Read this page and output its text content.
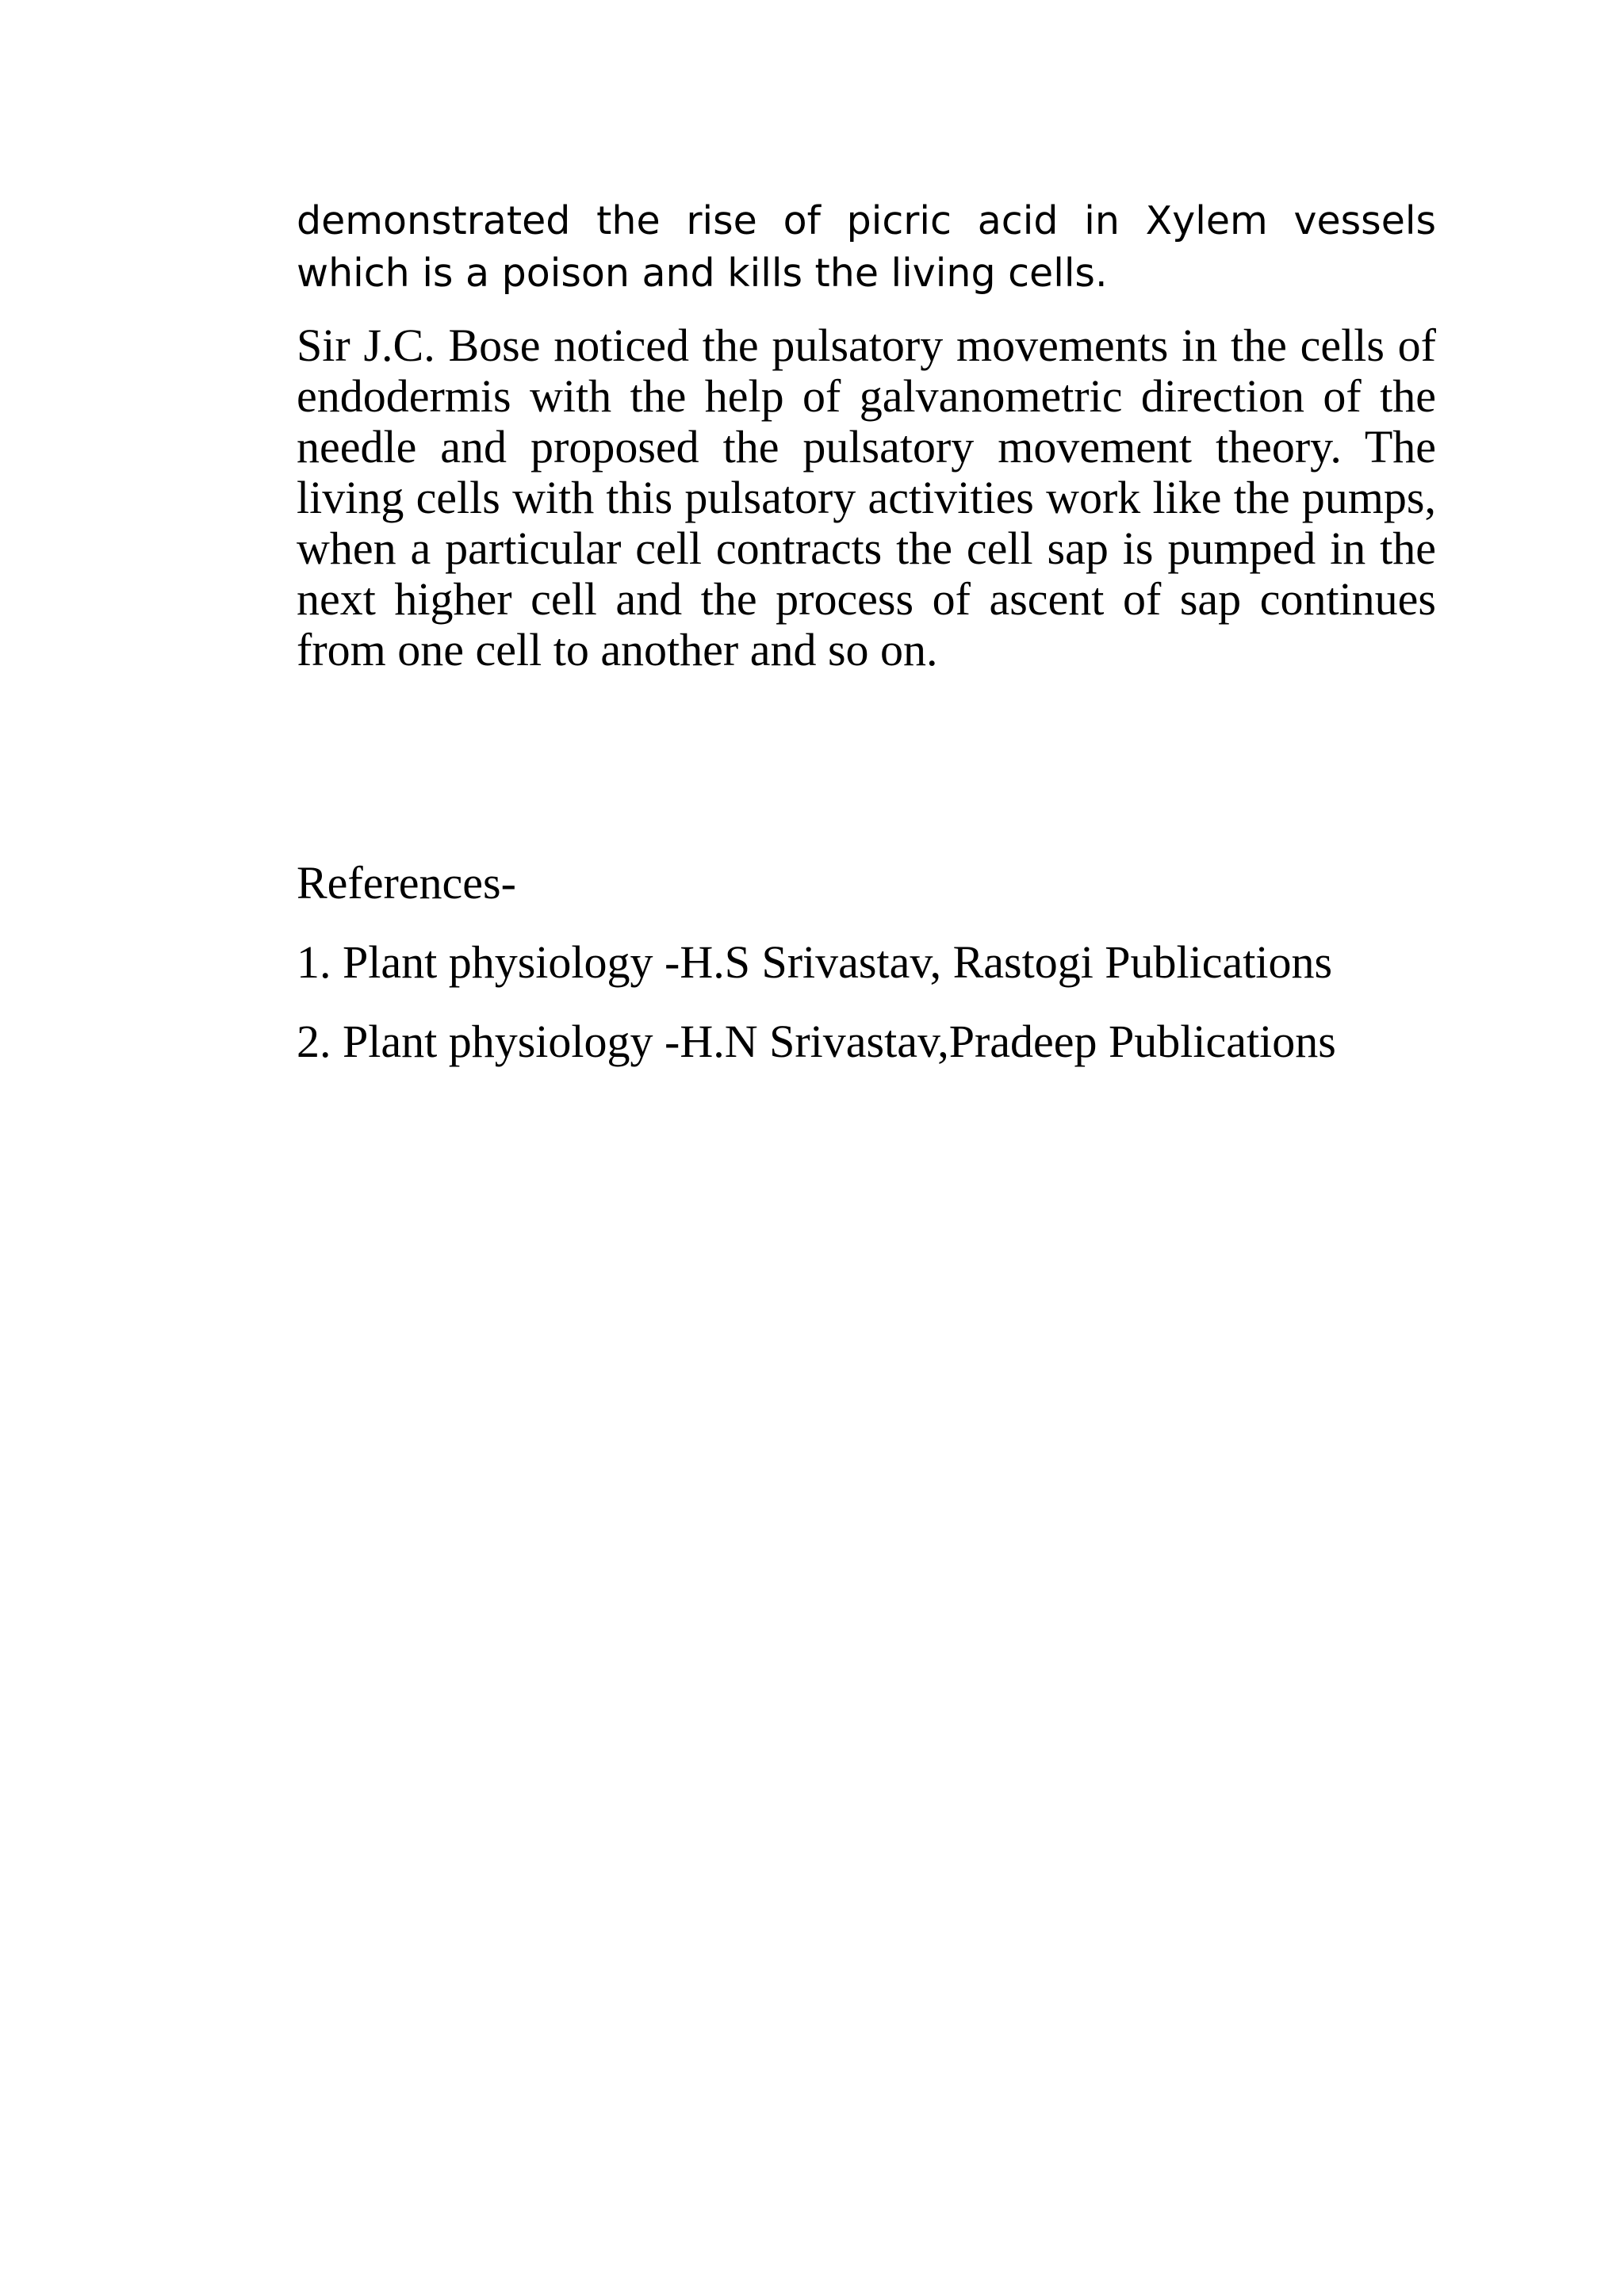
demonstrated the rise of picric acid in Xylem vessels which is a poison and kills the living cells.

Sir J.C. Bose noticed the pulsatory movements in the cells of endodermis with the help of galvanometric direction of the needle and proposed the pulsatory movement theory. The living cells with this pulsatory activities work like the pumps, when a particular cell contracts the cell sap is pumped in the next higher cell and the process of ascent of sap continues from one cell to another and so on.

References-

1. Plant physiology -H.S Srivastav, Rastogi Publications
2. Plant physiology -H.N Srivastav,Pradeep Publications
